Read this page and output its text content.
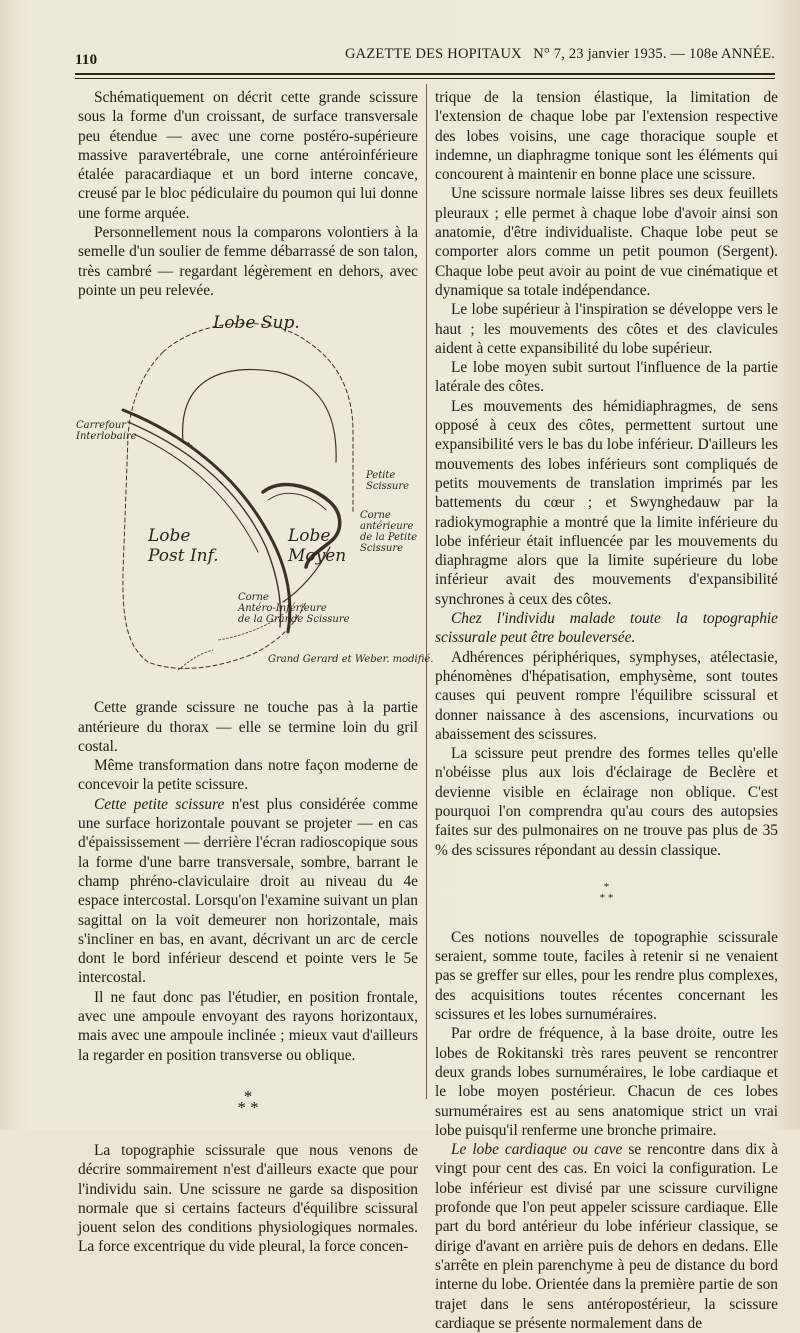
110	GAZETTE DES HOPITAUX N° 7, 23 janvier 1935. — 108e ANNÉE.

Schématiquement on décrit cette grande scissure sous la forme d'un croissant, de surface transversale peu étendue — avec une corne postéro-supérieure massive paravertébrale, une corne antéroinférieure étalée paracardiaque et un bord interne concave, creusé par le bloc pédiculaire du poumon qui lui donne une forme arquée.

Personnellement nous la comparons volontiers à la semelle d'un soulier de femme débarrassé de son talon, très cambré — regardant légèrement en dehors, avec pointe un peu relevée.

Lobe Sup.
Carrefour
Interlobaire
Petite
Scissure
Corne
antérieure
de la Petite
Scissure
Lobe
Post Inf.
Lobe
Moyen
Corne
Antéro-Inférieure
de la Grande Scissure
Grand Gerard et Weber. modifié.

Cette grande scissure ne touche pas à la partie antérieure du thorax — elle se termine loin du gril costal.

Même transformation dans notre façon moderne de concevoir la petite scissure.

Cette petite scissure n'est plus considérée comme une surface horizontale pouvant se projeter — en cas d'épaississement — derrière l'écran radioscopique sous la forme d'une barre transversale, sombre, barrant le champ phréno-claviculaire droit au niveau du 4e espace intercostal. Lorsqu'on l'examine suivant un plan sagittal on la voit demeurer non horizontale, mais s'incliner en bas, en avant, décrivant un arc de cercle dont le bord inférieur descend et pointe vers le 5e intercostal.

Il ne faut donc pas l'étudier, en position frontale, avec une ampoule envoyant des rayons horizontaux, mais avec une ampoule inclinée ; mieux vaut d'ailleurs la regarder en position transverse ou oblique.

*
* *

La topographie scissurale que nous venons de décrire sommairement n'est d'ailleurs exacte que pour l'individu sain. Une scissure ne garde sa disposition normale que si certains facteurs d'équilibre scissural jouent selon des conditions physiologiques normales. La force excentrique du vide pleural, la force concen-

trique de la tension élastique, la limitation de l'extension de chaque lobe par l'extension respective des lobes voisins, une cage thoracique souple et indemne, un diaphragme tonique sont les éléments qui concourent à maintenir en bonne place une scissure.

Une scissure normale laisse libres ses deux feuillets pleuraux ; elle permet à chaque lobe d'avoir ainsi son anatomie, d'être individualiste. Chaque lobe peut se comporter alors comme un petit poumon (Sergent). Chaque lobe peut avoir au point de vue cinématique et dynamique sa totale indépendance.

Le lobe supérieur à l'inspiration se développe vers le haut ; les mouvements des côtes et des clavicules aident à cette expansibilité du lobe supérieur.

Le lobe moyen subit surtout l'influence de la partie latérale des côtes.

Les mouvements des hémidiaphragmes, de sens opposé à ceux des côtes, permettent surtout une expansibilité vers le bas du lobe inférieur. D'ailleurs les mouvements des lobes inférieurs sont compliqués de petits mouvements de translation imprimés par les battements du cœur ; et Swynghedauw par la radiokymographie a montré que la limite inférieure du lobe inférieur était influencée par les mouvements du diaphragme alors que la limite supérieure du lobe inférieur avait des mouvements d'expansibilité synchrones à ceux des côtes.

Chez l'individu malade toute la topographie scissurale peut être bouleversée.

Adhérences périphériques, symphyses, atélectasie, phénomènes d'hépatisation, emphysème, sont toutes causes qui peuvent rompre l'équilibre scissural et donner naissance à des ascensions, incurvations ou abaissement des scissures.

La scissure peut prendre des formes telles qu'elle n'obéisse plus aux lois d'éclairage de Beclère et devienne visible en éclairage non oblique. C'est pourquoi l'on comprendra qu'au cours des autopsies faites sur des pulmonaires on ne trouve pas plus de 35 % des scissures répondant au dessin classique.

*
* *

Ces notions nouvelles de topographie scissurale seraient, somme toute, faciles à retenir si ne venaient pas se greffer sur elles, pour les rendre plus complexes, des acquisitions toutes récentes concernant les scissures et les lobes surnuméraires.

Par ordre de fréquence, à la base droite, outre les lobes de Rokitanski très rares peuvent se rencontrer deux grands lobes surnuméraires, le lobe cardiaque et le lobe moyen postérieur. Chacun de ces lobes surnuméraires est au sens anatomique strict un vrai lobe puisqu'il renferme une bronche primaire.

Le lobe cardiaque ou cave se rencontre dans dix à vingt pour cent des cas. En voici la configuration. Le lobe inférieur est divisé par une scissure curviligne profonde que l'on peut appeler scissure cardiaque. Elle part du bord antérieur du lobe inférieur classique, se dirige d'avant en arrière puis de dehors en dedans. Elle s'arrête en plein parenchyme à peu de distance du bord interne du lobe. Orientée dans la première partie de son trajet dans le sens antéropostérieur, la scissure cardiaque se présente normalement dans de
